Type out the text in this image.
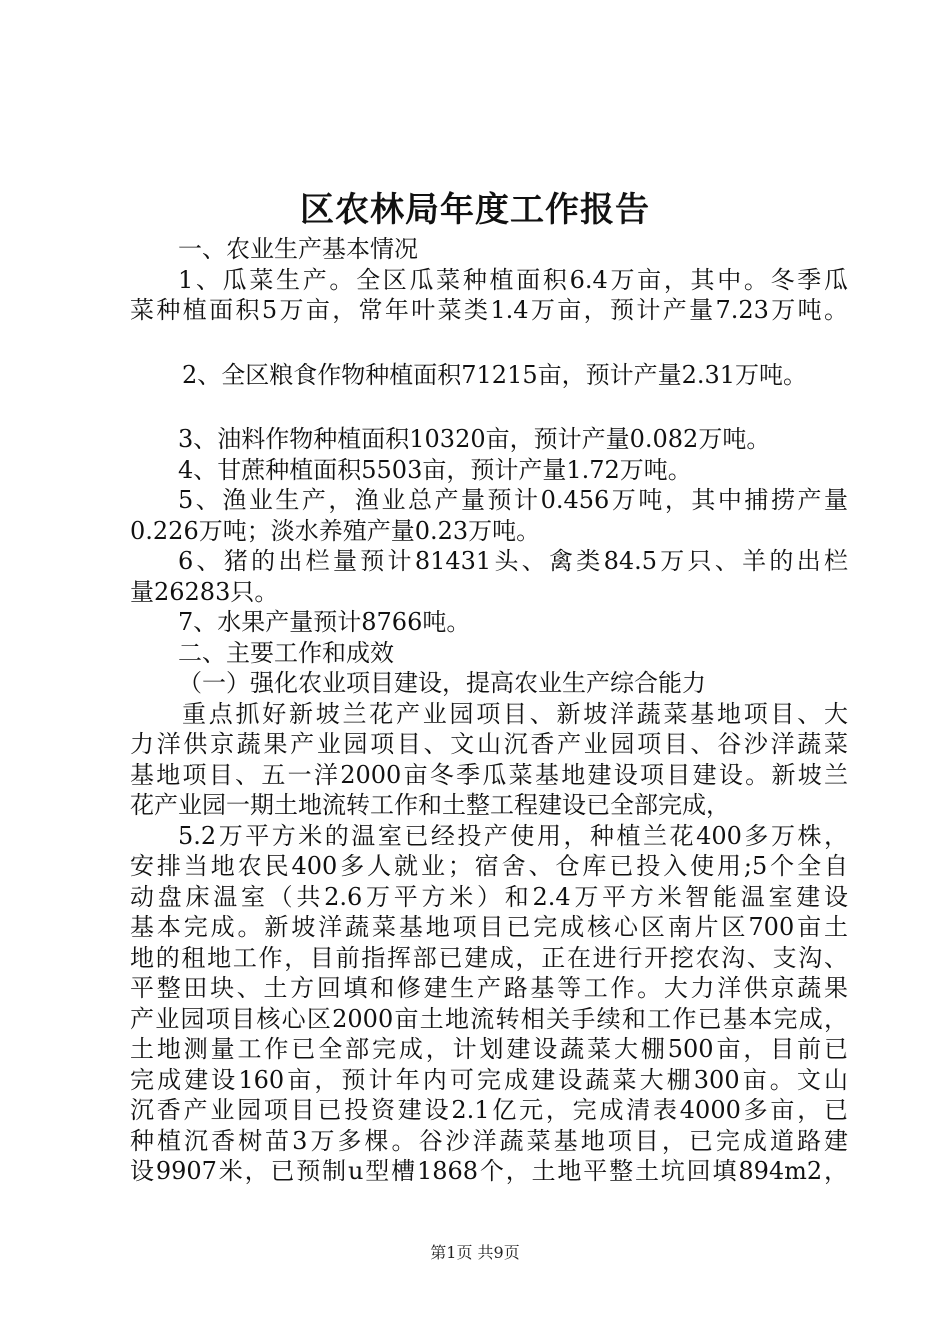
区农林局年度工作报告
一、农业生产基本情况
1、瓜菜生产。全区瓜菜种植面积6.4万亩，其中。冬季瓜
菜种植面积5万亩，常年叶菜类1.4万亩，预计产量7.23万吨。
2、全区粮食作物种植面积71215亩，预计产量2.31万吨。
3、油料作物种植面积10320亩，预计产量0.082万吨。
4、甘蔗种植面积5503亩，预计产量1.72万吨。
5、渔业生产，渔业总产量预计0.456万吨，其中捕捞产量
0.226万吨；淡水养殖产量0.23万吨。
6、猪的出栏量预计81431头、禽类84.5万只、羊的出栏
量26283只。
7、水果产量预计8766吨。
二、主要工作和成效
（一）强化农业项目建设，提高农业生产综合能力
重点抓好新坡兰花产业园项目、新坡洋蔬菜基地项目、大
力洋供京蔬果产业园项目、文山沉香产业园项目、谷沙洋蔬菜
基地项目、五一洋2000亩冬季瓜菜基地建设项目建设。新坡兰
花产业园一期土地流转工作和土整工程建设已全部完成，
5.2万平方米的温室已经投产使用，种植兰花400多万株，
安排当地农民400多人就业；宿舍、仓库已投入使用;5个全自
动盘床温室（共2.6万平方米）和2.4万平方米智能温室建设
基本完成。新坡洋蔬菜基地项目已完成核心区南片区700亩土
地的租地工作，目前指挥部已建成，正在进行开挖农沟、支沟、
平整田块、土方回填和修建生产路基等工作。大力洋供京蔬果
产业园项目核心区2000亩土地流转相关手续和工作已基本完成，
土地测量工作已全部完成，计划建设蔬菜大棚500亩，目前已
完成建设160亩，预计年内可完成建设蔬菜大棚300亩。文山
沉香产业园项目已投资建设2.1亿元，完成清表4000多亩，已
种植沉香树苗3万多棵。谷沙洋蔬菜基地项目，已完成道路建
设9907米，已预制u型槽1868个，土地平整土坑回填894m2，
第1页 共9页
